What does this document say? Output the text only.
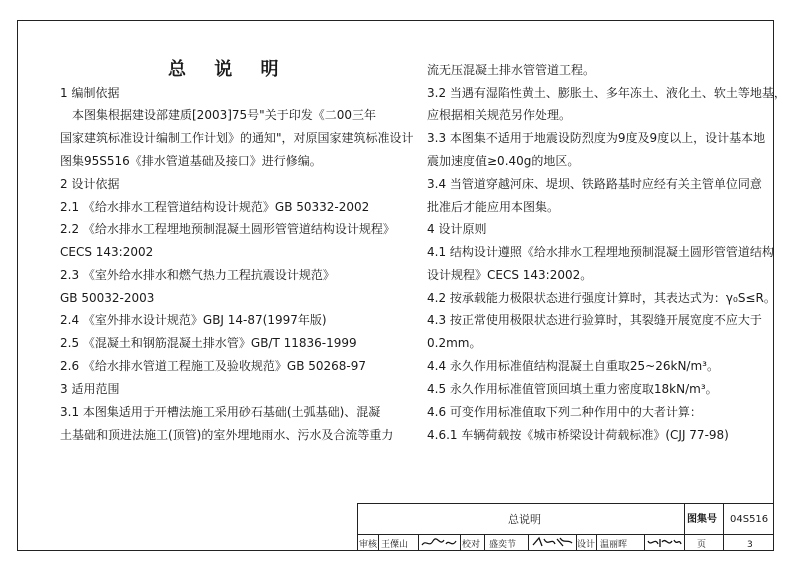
总 说 明
1 编制依据
　本图集根据建设部建质[2003]75号"关于印发《二00三年
国家建筑标准设计编制工作计划》的通知"，对原国家建筑标准设计
图集95S516《排水管道基础及接口》进行修编。
2 设计依据
2.1 《给水排水工程管道结构设计规范》GB 50332-2002
2.2 《给水排水工程埋地预制混凝土圆形管管道结构设计规程》
CECS 143:2002
2.3 《室外给水排水和燃气热力工程抗震设计规范》
GB 50032-2003
2.4 《室外排水设计规范》GBJ 14-87(1997年版)
2.5 《混凝土和钢筋混凝土排水管》GB/T 11836-1999
2.6 《给水排水管道工程施工及验收规范》GB 50268-97
3 适用范围
3.1 本图集适用于开槽法施工采用砂石基础(土弧基础)、混凝
土基础和顶进法施工(顶管)的室外埋地雨水、污水及合流等重力
流无压混凝土排水管管道工程。
3.2 当遇有湿陷性黄土、膨胀土、多年冻土、液化土、软土等地基，
应根据相关规范另作处理。
3.3 本图集不适用于地震设防烈度为9度及9度以上，设计基本地
震加速度值≥0.40g的地区。
3.4 当管道穿越河床、堤坝、铁路路基时应经有关主管单位同意
批准后才能应用本图集。
4 设计原则
4.1 结构设计遵照《给水排水工程埋地预制混凝土圆形管管道结构
设计规程》CECS 143:2002。
4.2 按承载能力极限状态进行强度计算时，其表达式为：γ₀S≤R。
4.3 按正常使用极限状态进行验算时，其裂缝开展宽度不应大于
0.2mm。
4.4 永久作用标准值结构混凝土自重取25~26kN/m³。
4.5 永久作用标准值管顶回填土重力密度取18kN/m³。
4.6 可变作用标准值取下列二种作用中的大者计算：
4.6.1 车辆荷载按《城市桥梁设计荷载标准》(CJJ 77-98)
总说明	图集号 04S516
审核 王僳山	校对 盛奕节	设计 温丽晖	页	3
